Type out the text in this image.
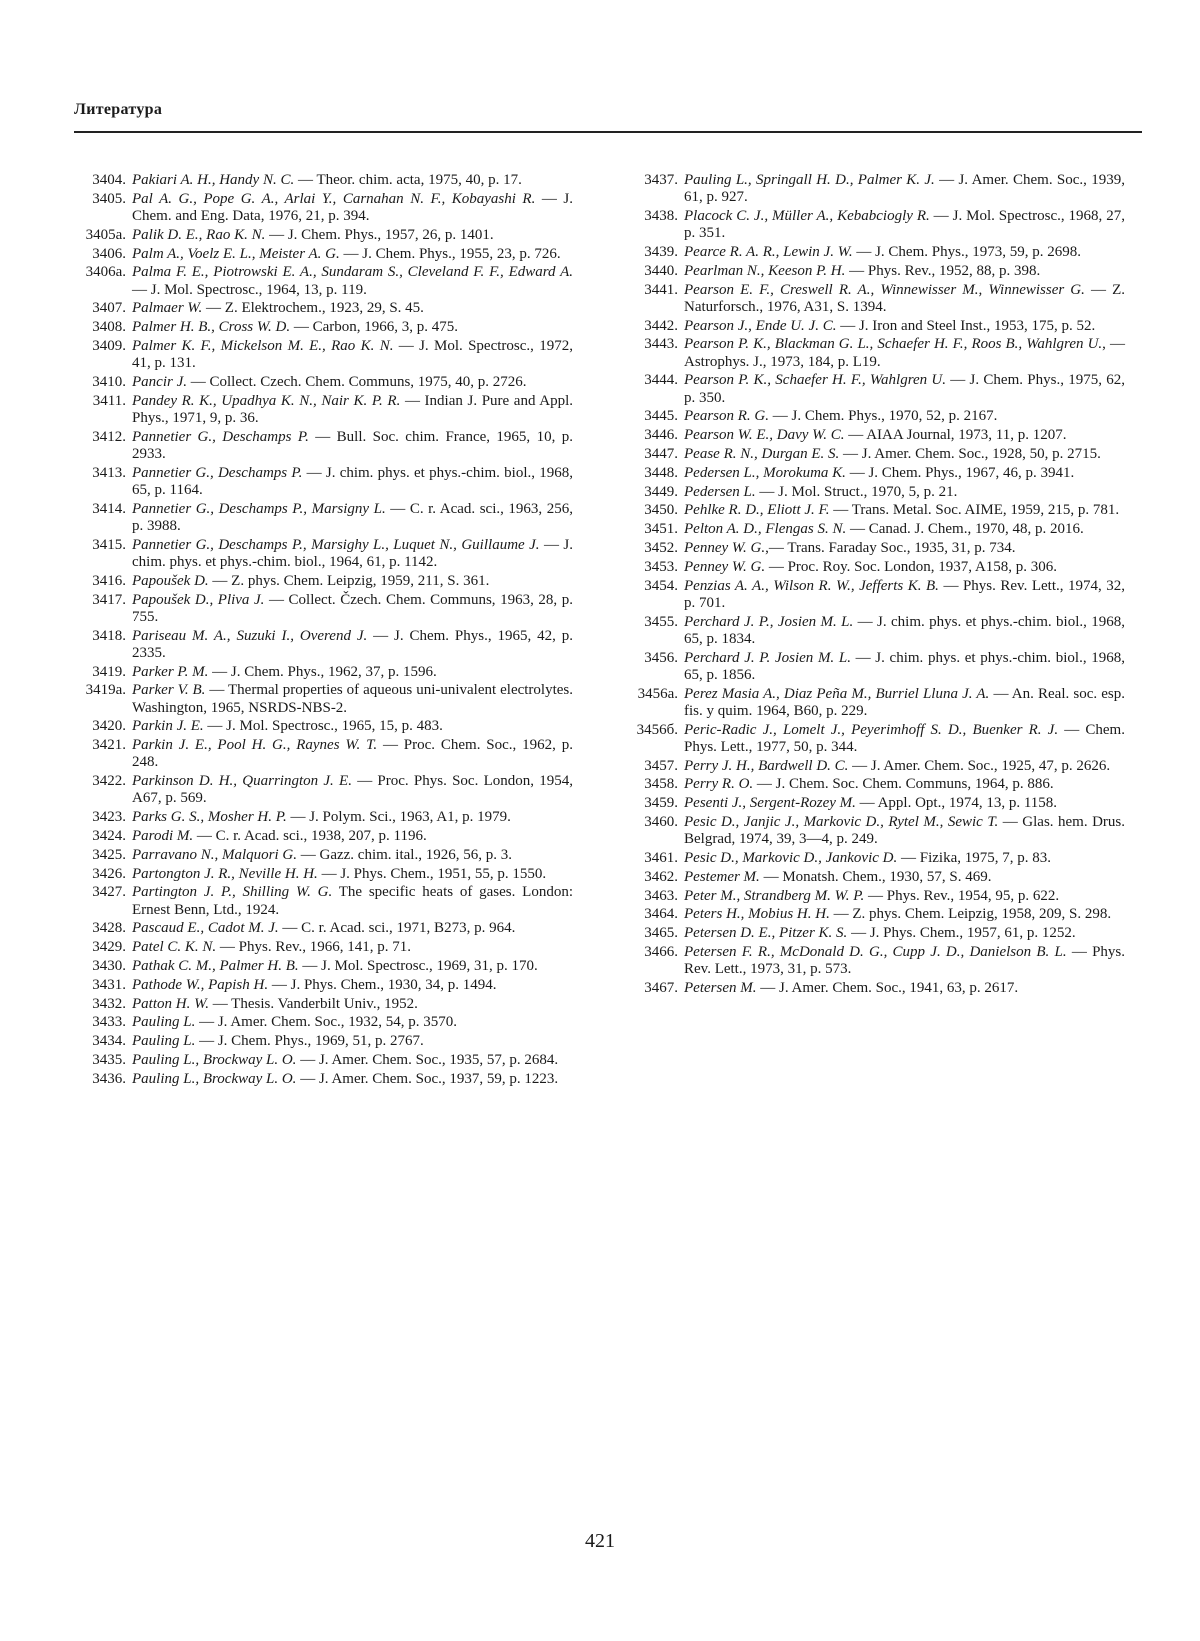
Литература
3404. Pakiari A. H., Handy N. C. — Theor. chim. acta, 1975, 40, p. 17.
3405. Pal A. G., Pope G. A., Arlai Y., Carnahan N. F., Kobayashi R. — J. Chem. and Eng. Data, 1976, 21, p. 394.
3405a. Palik D. E., Rao K. N. — J. Chem. Phys., 1957, 26, p. 1401.
3406. Palm A., Voelz E. L., Meister A. G. — J. Chem. Phys., 1955, 23, p. 726.
3406a. Palma F. E., Piotrowski E. A., Sundaram S., Cleveland F. F., Edward A. — J. Mol. Spectrosc., 1964, 13, p. 119.
3407. Palmaer W. — Z. Elektrochem., 1923, 29, S. 45.
3408. Palmer H. B., Cross W. D. — Carbon, 1966, 3, p. 475.
3409. Palmer K. F., Mickelson M. E., Rao K. N. — J. Mol. Spectrosc., 1972, 41, p. 131.
3410. Pancir J. — Collect. Czech. Chem. Communs, 1975, 40, p. 2726.
3411. Pandey R. K., Upadhya K. N., Nair K. P. R. — Indian J. Pure and Appl. Phys., 1971, 9, p. 36.
3412. Pannetier G., Deschamps P. — Bull. Soc. chim. France, 1965, 10, p. 2933.
3413. Pannetier G., Deschamps P. — J. chim. phys. et phys.-chim. biol., 1968, 65, p. 1164.
3414. Pannetier G., Deschamps P., Marsigny L. — C. r. Acad. sci., 1963, 256, p. 3988.
3415. Pannetier G., Deschamps P., Marsighy L., Luquet N., Guillaume J. — J. chim. phys. et phys.-chim. biol., 1964, 61, p. 1142.
3416. Papoušek D. — Z. phys. Chem. Leipzig, 1959, 211, S. 361.
3417. Papoušek D., Pliva J. — Collect. Čzech. Chem. Communs, 1963, 28, p. 755.
3418. Pariseau M. A., Suzuki I., Overend J. — J. Chem. Phys., 1965, 42, p. 2335.
3419. Parker P. M. — J. Chem. Phys., 1962, 37, p. 1596.
3419a. Parker V. B. — Thermal properties of aqueous uni-univalent electrolytes. Washington, 1965, NSRDS-NBS-2.
3420. Parkin J. E. — J. Mol. Spectrosc., 1965, 15, p. 483.
3421. Parkin J. E., Pool H. G., Raynes W. T. — Proc. Chem. Soc., 1962, p. 248.
3422. Parkinson D. H., Quarrington J. E. — Proc. Phys. Soc. London, 1954, A67, p. 569.
3423. Parks G. S., Mosher H. P. — J. Polym. Sci., 1963, A1, p. 1979.
3424. Parodi M. — C. r. Acad. sci., 1938, 207, p. 1196.
3425. Parravano N., Malquori G. — Gazz. chim. ital., 1926, 56, p. 3.
3426. Partongton J. R., Neville H. H. — J. Phys. Chem., 1951, 55, p. 1550.
3427. Partington J. P., Shilling W. G. The specific heats of gases. London: Ernest Benn, Ltd., 1924.
3428. Pascaud E., Cadot M. J. — C. r. Acad. sci., 1971, B273, p. 964.
3429. Patel C. K. N. — Phys. Rev., 1966, 141, p. 71.
3430. Pathak C. M., Palmer H. B. — J. Mol. Spectrosc., 1969, 31, p. 170.
3431. Pathode W., Papish H. — J. Phys. Chem., 1930, 34, p. 1494.
3432. Patton H. W. — Thesis. Vanderbilt Univ., 1952.
3433. Pauling L. — J. Amer. Chem. Soc., 1932, 54, p. 3570.
3434. Pauling L. — J. Chem. Phys., 1969, 51, p. 2767.
3435. Pauling L., Brockway L. O. — J. Amer. Chem. Soc., 1935, 57, p. 2684.
3436. Pauling L., Brockway L. O. — J. Amer. Chem. Soc., 1937, 59, p. 1223.
3437. Pauling L., Springall H. D., Palmer K. J. — J. Amer. Chem. Soc., 1939, 61, p. 927.
3438. Placock C. J., Müller A., Kebabciogly R. — J. Mol. Spectrosc., 1968, 27, p. 351.
3439. Pearce R. A. R., Lewin J. W. — J. Chem. Phys., 1973, 59, p. 2698.
3440. Pearlman N., Keeson P. H. — Phys. Rev., 1952, 88, p. 398.
3441. Pearson E. F., Creswell R. A., Winnewisser M., Winnewisser G. — Z. Naturforsch., 1976, A31, S. 1394.
3442. Pearson J., Ende U. J. C. — J. Iron and Steel Inst., 1953, 175, p. 52.
3443. Pearson P. K., Blackman G. L., Schaefer H. F., Roos B., Wahlgren U., — Astrophys. J., 1973, 184, p. L19.
3444. Pearson P. K., Schaefer H. F., Wahlgren U. — J. Chem. Phys., 1975, 62, p. 350.
3445. Pearson R. G. — J. Chem. Phys., 1970, 52, p. 2167.
3446. Pearson W. E., Davy W. C. — AIAA Journal, 1973, 11, p. 1207.
3447. Pease R. N., Durgan E. S. — J. Amer. Chem. Soc., 1928, 50, p. 2715.
3448. Pedersen L., Morokuma K. — J. Chem. Phys., 1967, 46, p. 3941.
3449. Pedersen L. — J. Mol. Struct., 1970, 5, p. 21.
3450. Pehlke R. D., Eliott J. F. — Trans. Metal. Soc. AIME, 1959, 215, p. 781.
3451. Pelton A. D., Flengas S. N. — Canad. J. Chem., 1970, 48, p. 2016.
3452. Penney W. G.,— Trans. Faraday Soc., 1935, 31, p. 734.
3453. Penney W. G. — Proc. Roy. Soc. London, 1937, A158, p. 306.
3454. Penzias A. A., Wilson R. W., Jefferts K. B. — Phys. Rev. Lett., 1974, 32, p. 701.
3455. Perchard J. P., Josien M. L. — J. chim. phys. et phys.-chim. biol., 1968, 65, p. 1834.
3456. Perchard J. P. Josien M. L. — J. chim. phys. et phys.-chim. biol., 1968, 65, p. 1856.
3456a. Perez Masia A., Diaz Peña M., Burriel Lluna J. A. — An. Real. soc. esp. fis. y quim. 1964, B60, p. 229.
3456б. Peric-Radic J., Lomelt J., Peyerimhoff S. D., Buenker R. J. — Chem. Phys. Lett., 1977, 50, p. 344.
3457. Perry J. H., Bardwell D. C. — J. Amer. Chem. Soc., 1925, 47, p. 2626.
3458. Perry R. O. — J. Chem. Soc. Chem. Communs, 1964, p. 886.
3459. Pesenti J., Sergent-Rozey M. — Appl. Opt., 1974, 13, p. 1158.
3460. Pesic D., Janjic J., Markovic D., Rytel M., Sewic T. — Glas. hem. Drus. Belgrad, 1974, 39, 3—4, p. 249.
3461. Pesic D., Markovic D., Jankovic D. — Fizika, 1975, 7, p. 83.
3462. Pestemer M. — Monatsh. Chem., 1930, 57, S. 469.
3463. Peter M., Strandberg M. W. P. — Phys. Rev., 1954, 95, p. 622.
3464. Peters H., Mobius H. H. — Z. phys. Chem. Leipzig, 1958, 209, S. 298.
3465. Petersen D. E., Pitzer K. S. — J. Phys. Chem., 1957, 61, p. 1252.
3466. Petersen F. R., McDonald D. G., Cupp J. D., Danielson B. L. — Phys. Rev. Lett., 1973, 31, p. 573.
3467. Petersen M. — J. Amer. Chem. Soc., 1941, 63, p. 2617.
421
